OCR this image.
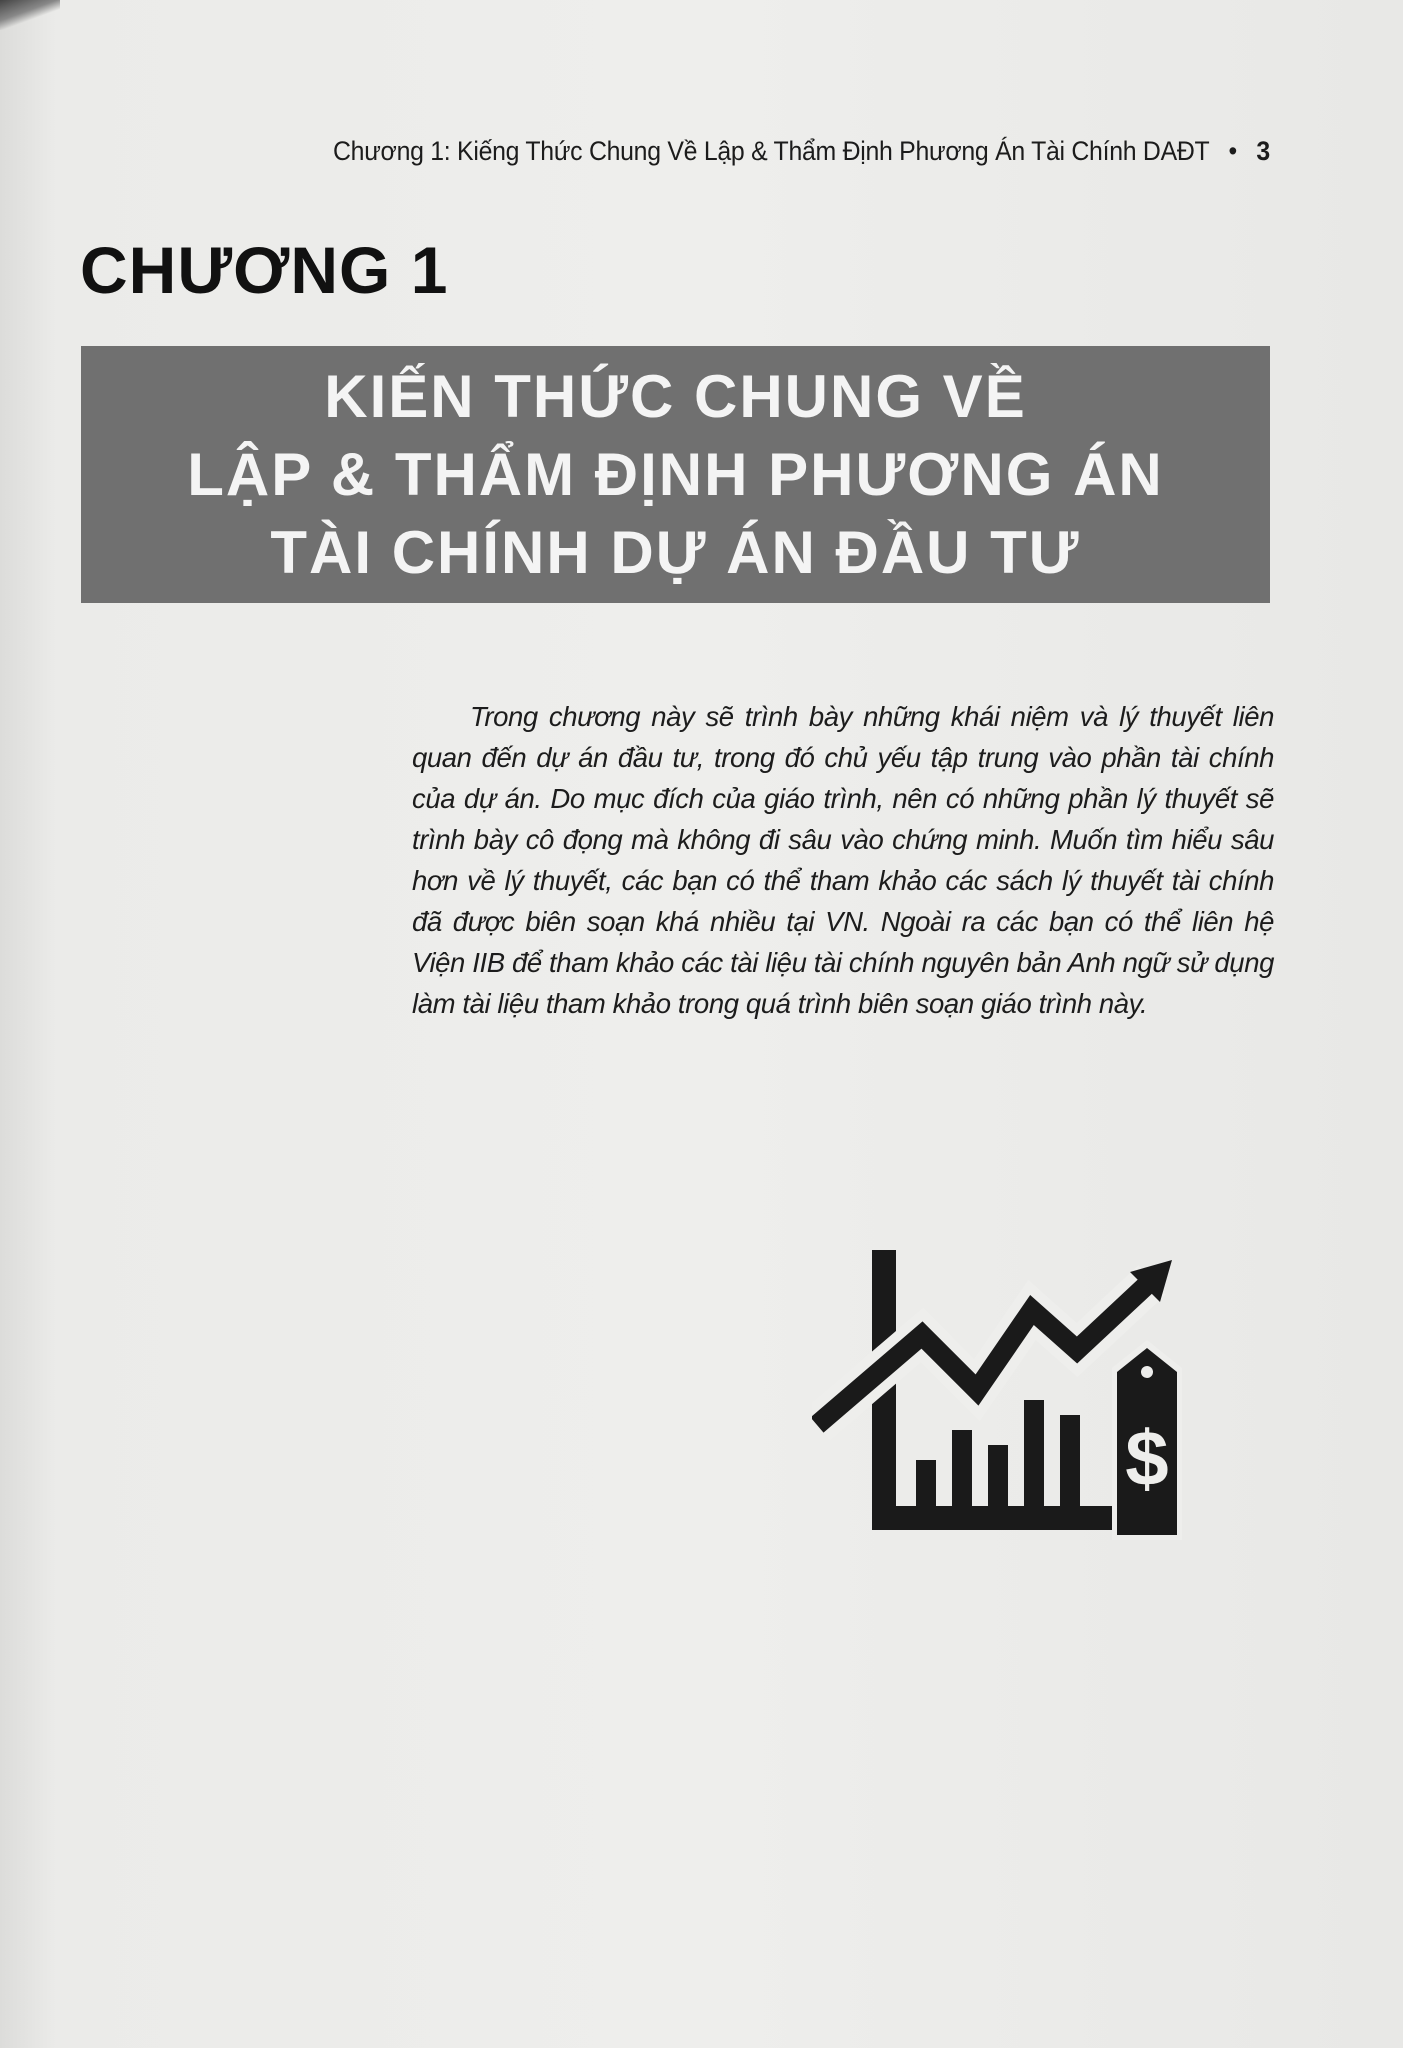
Chương 1: Kiếng Thức Chung Về Lập & Thẩm Định Phương Án Tài Chính DAĐT • 3
CHƯƠNG 1
KIẾN THỨC CHUNG VỀ
LẬP & THẨM ĐỊNH PHƯƠNG ÁN
TÀI CHÍNH DỰ ÁN ĐẦU TƯ

Trong chương này sẽ trình bày những khái niệm và lý thuyết liên quan đến dự án đầu tư, trong đó chủ yếu tập trung vào phần tài chính của dự án. Do mục đích của giáo trình, nên có những phần lý thuyết sẽ trình bày cô đọng mà không đi sâu vào chứng minh. Muốn tìm hiểu sâu hơn về lý thuyết, các bạn có thể tham khảo các sách lý thuyết tài chính đã được biên soạn khá nhiều tại VN. Ngoài ra các bạn có thể liên hệ Viện IIB để tham khảo các tài liệu tài chính nguyên bản Anh ngữ sử dụng làm tài liệu tham khảo trong quá trình biên soạn giáo trình này.

$
